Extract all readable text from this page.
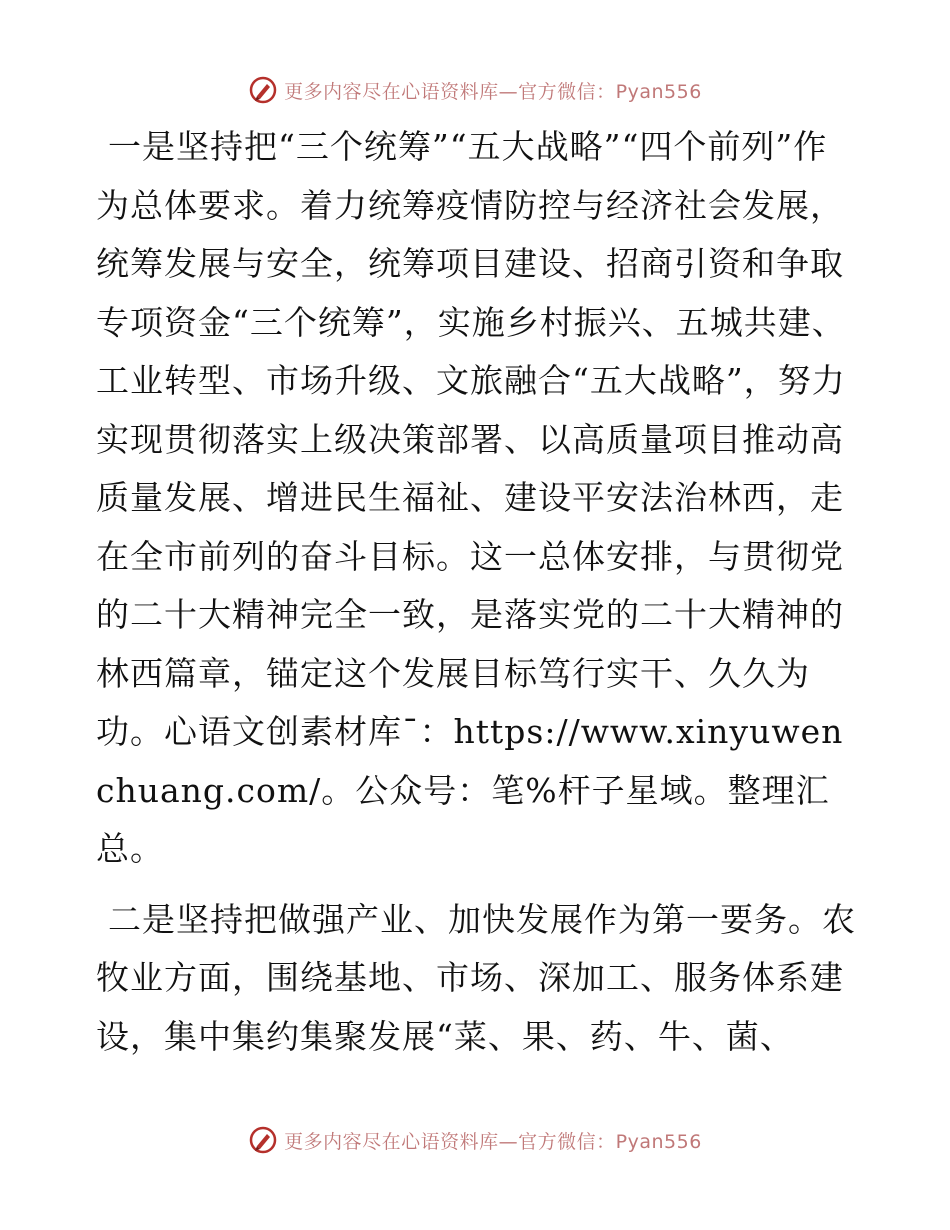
更多内容尽在心语资料库—官方微信：Pyan556

一是坚持把“三个统筹”“五大战略”“四个前列”作为总体要求。着力统筹疫情防控与经济社会发展，统筹发展与安全，统筹项目建设、招商引资和争取专项资金“三个统筹”，实施乡村振兴、五城共建、工业转型、市场升级、文旅融合“五大战略”，努力实现贯彻落实上级决策部署、以高质量项目推动高质量发展、增进民生福祉、建设平安法治林西，走在全市前列的奋斗目标。这一总体安排，与贯彻党的二十大精神完全一致，是落实党的二十大精神的林西篇章，锚定这个发展目标笃行实干、久久为功。心语文创素材库¯：https://www.xinyuwenchuang.com/。公众号：笔%杆子星域。整理汇总。

二是坚持把做强产业、加快发展作为第一要务。农牧业方面，围绕基地、市场、深加工、服务体系建设，集中集约集聚发展“菜、果、药、牛、菌、

更多内容尽在心语资料库—官方微信：Pyan556
